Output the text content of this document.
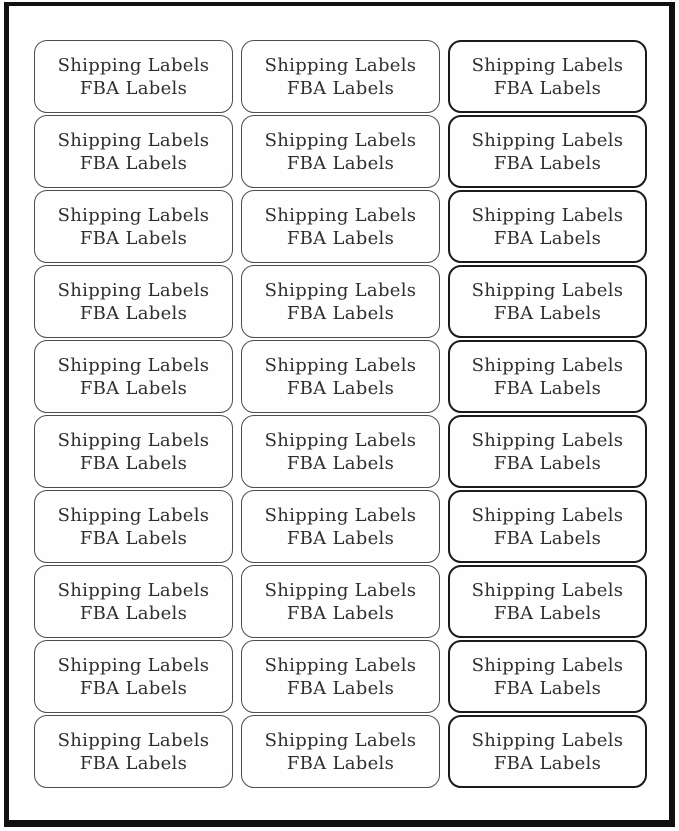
Shipping Labels
FBA Labels
Shipping Labels
FBA Labels
Shipping Labels
FBA Labels
Shipping Labels
FBA Labels
Shipping Labels
FBA Labels
Shipping Labels
FBA Labels
Shipping Labels
FBA Labels
Shipping Labels
FBA Labels
Shipping Labels
FBA Labels
Shipping Labels
FBA Labels
Shipping Labels
FBA Labels
Shipping Labels
FBA Labels
Shipping Labels
FBA Labels
Shipping Labels
FBA Labels
Shipping Labels
FBA Labels
Shipping Labels
FBA Labels
Shipping Labels
FBA Labels
Shipping Labels
FBA Labels
Shipping Labels
FBA Labels
Shipping Labels
FBA Labels
Shipping Labels
FBA Labels
Shipping Labels
FBA Labels
Shipping Labels
FBA Labels
Shipping Labels
FBA Labels
Shipping Labels
FBA Labels
Shipping Labels
FBA Labels
Shipping Labels
FBA Labels
Shipping Labels
FBA Labels
Shipping Labels
FBA Labels
Shipping Labels
FBA Labels
